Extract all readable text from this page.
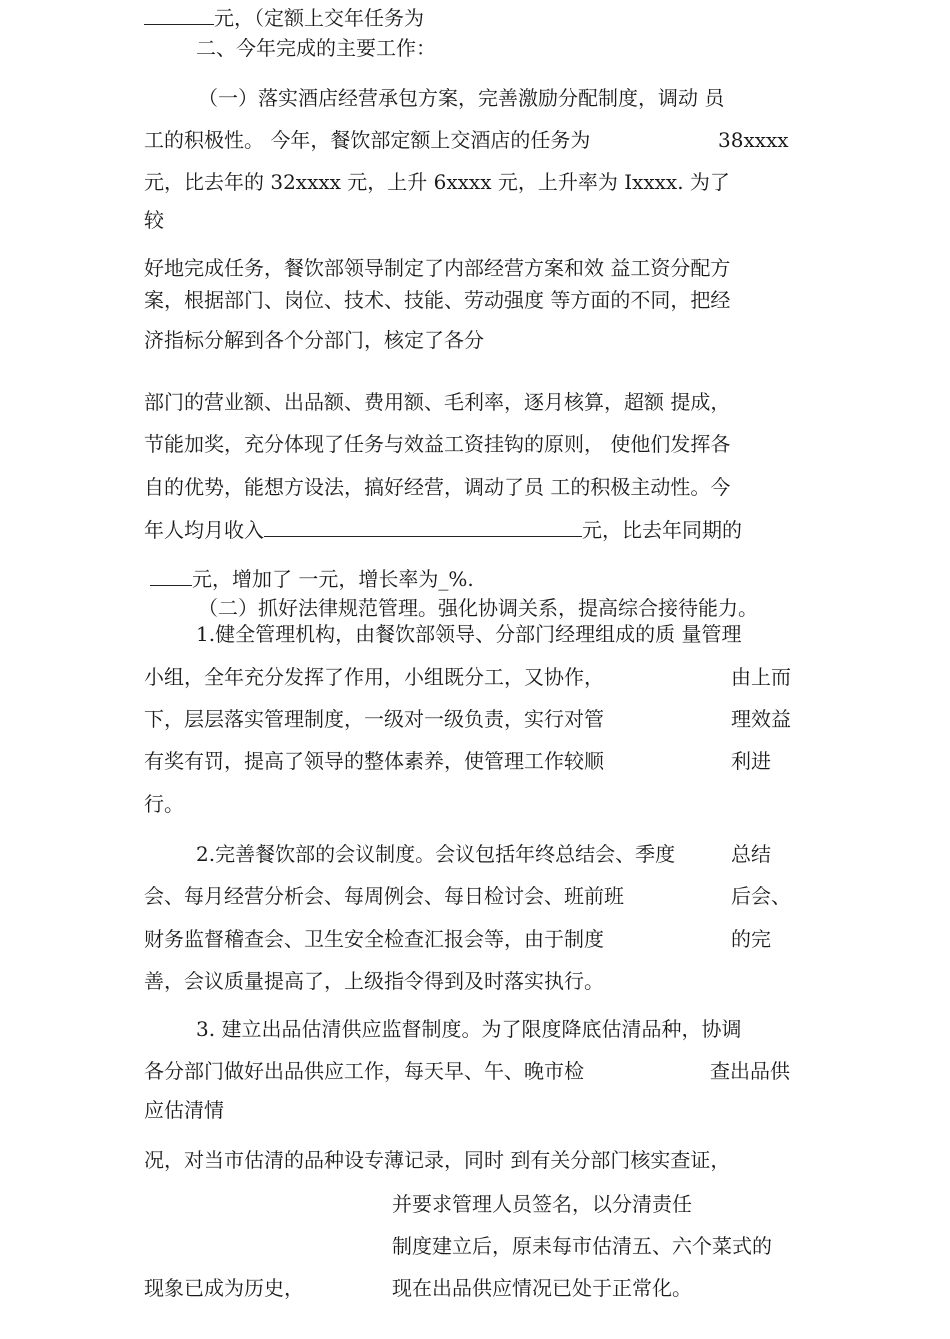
元，（定额上交年任务为
二、今年完成的主要工作：
（一）落实酒店经营承包方案，完善激励分配制度，调动 员
工的积极性。 今年，餐饮部定额上交酒店的任务为	38xxxx
元，比去年的 32xxxx 元，上升 6xxxx 元，上升率为 Ixxxx. 为了
较
好地完成任务，餐饮部领导制定了内部经营方案和效 益工资分配方
案，根据部门、岗位、技术、技能、劳动强度 等方面的不同，把经
济指标分解到各个分部门，核定了各分
部门的营业额、出品额、费用额、毛利率，逐月核算，超额 提成，
节能加奖，充分体现了任务与效益工资挂钩的原则， 使他们发挥各
自的优势，能想方设法，搞好经营，调动了员 工的积极主动性。今
年人均月收入	元，比去年同期的
元，增加了 一元，增长率为_%.
（二）抓好法律规范管理。强化协调关系，提高综合接待能力。
1.健全管理机构，由餐饮部领导、分部门经理组成的质 量管理
小组，全年充分发挥了作用，小组既分工，又协作，	由上而
下，层层落实管理制度，一级对一级负责，实行对管	理效益
有奖有罚，提高了领导的整体素养，使管理工作较顺	利进
行。
2.完善餐饮部的会议制度。会议包括年终总结会、季度	总结
会、每月经营分析会、每周例会、每日检讨会、班前班	后会、
财务监督稽查会、卫生安全检查汇报会等，由于制度	的完
善，会议质量提高了，上级指令得到及时落实执行。
3. 建立出品估清供应监督制度。为了限度降底估清品种，协调
各分部门做好出品供应工作，每天早、午、晚市检	查出品供
应估清情
况，对当市估清的品种设专薄记录，同时 到有关分部门核实查证，
并要求管理人员签名，以分清责任
制度建立后，原耒每市估清五、六个菜式的
现象已成为历史，	现在出品供应情况已处于正常化。
